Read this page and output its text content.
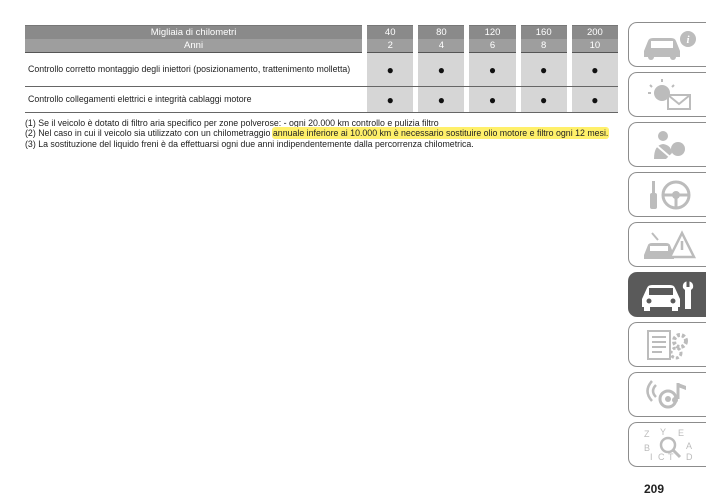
Migliaia di chilometri		40		80		120		160		200
Anni		2		4		6		8		10
Controllo corretto montaggio degli iniettori (posizionamento, trattenimento molletta)		●		●		●		●		●
Controllo collegamenti elettrici e integrità cablaggi motore		●		●		●		●		●
(1) Se il veicolo è dotato di filtro aria specifico per zone polverose: - ogni 20.000 km controllo e pulizia filtro
(2) Nel caso in cui il veicolo sia utilizzato con un chilometraggio annuale inferiore ai 10.000 km è necessario sostituire olio motore e filtro ogni 12 mesi.
(3) La sostituzione del liquido freni è da effettuarsi ogni due anni indipendentemente dalla percorrenza chilometrica.
i
Z Y E
B	A
I C T D
209
